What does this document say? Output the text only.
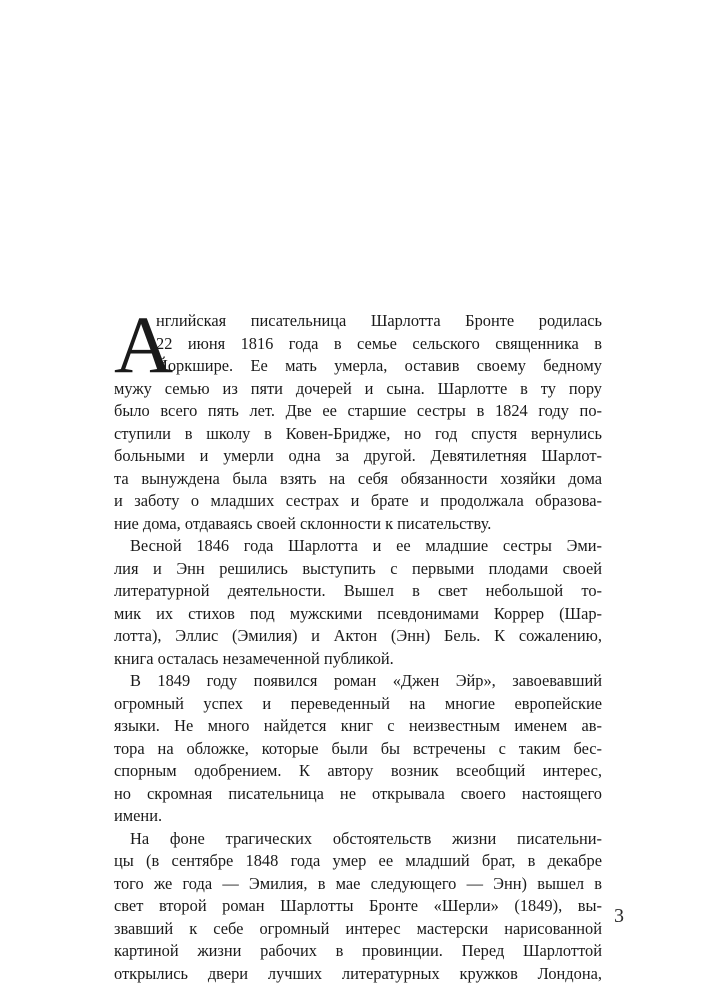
А
нглийская писательница Шарлотта Бронте родилась
22 июня 1816 года в семье сельского священника в
Йоркшире. Ее мать умерла, оставив своему бедному
мужу семью из пяти дочерей и сына. Шарлотте в ту пору
было всего пять лет. Две ее старшие сестры в 1824 году по-
ступили в школу в Ковен-Бридже, но год спустя вернулись
больными и умерли одна за другой. Девятилетняя Шарлот-
та вынуждена была взять на себя обязанности хозяйки дома
и заботу о младших сестрах и брате и продолжала образова-
ние дома, отдаваясь своей склонности к писательству.
Весной 1846 года Шарлотта и ее младшие сестры Эми-
лия и Энн решились выступить с первыми плодами своей
литературной деятельности. Вышел в свет небольшой то-
мик их стихов под мужскими псевдонимами Коррер (Шар-
лотта), Эллис (Эмилия) и Актон (Энн) Бель. К сожалению,
книга осталась незамеченной публикой.
В 1849 году появился роман «Джен Эйр», завоевавший
огромный успех и переведенный на многие европейские
языки. Не много найдется книг с неизвестным именем ав-
тора на обложке, которые были бы встречены с таким бес-
спорным одобрением. К автору возник всеобщий интерес,
но скромная писательница не открывала своего настоящего
имени.
На фоне трагических обстоятельств жизни писательни-
цы (в сентябре 1848 года умер ее младший брат, в декабре
того же года — Эмилия, в мае следующего — Энн) вышел в
свет второй роман Шарлотты Бронте «Шерли» (1849), вы-
звавший к себе огромный интерес мастерски нарисованной
картиной жизни рабочих в провинции. Перед Шарлоттой
открылись двери лучших литературных кружков Лондона,
3
